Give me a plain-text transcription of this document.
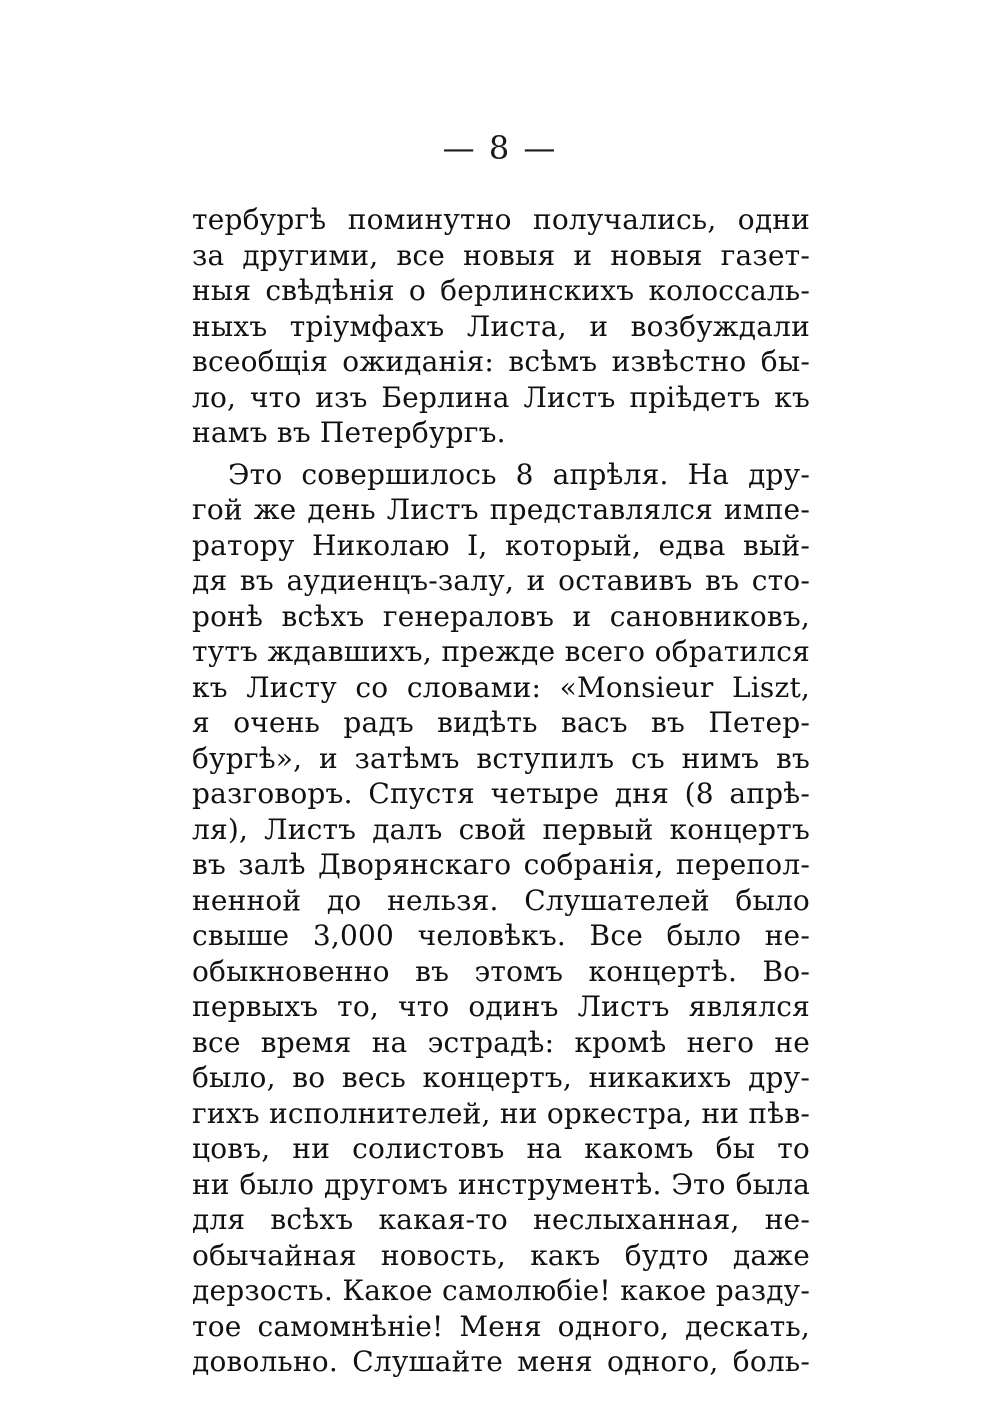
— 8 —
тербургѣ поминутно получались, одни
за другими, все новыя и новыя газет-
ныя свѣдѣнія о берлинскихъ колоссаль-
ныхъ тріумфахъ Листа, и возбуждали
всеобщія ожиданія: всѣмъ извѣстно бы-
ло, что изъ Берлина Листъ пріѣдетъ къ
намъ въ Петербургъ.
Это совершилось 8 апрѣля. На дру-
гой же день Листъ представлялся импе-
ратору Николаю I, который, едва вый-
дя въ аудиенцъ-залу, и оставивъ въ сто-
ронѣ всѣхъ генераловъ и сановниковъ,
тутъ ждавшихъ, прежде всего обратился
къ Листу со словами: «Monsieur Liszt,
я очень радъ видѣть васъ въ Петер-
бургѣ», и затѣмъ вступилъ съ нимъ въ
разговоръ. Спустя четыре дня (8 апрѣ-
ля), Листъ далъ свой первый концертъ
въ залѣ Дворянскаго собранія, перепол-
ненной до нельзя. Слушателей было
свыше 3,000 человѣкъ. Все было не-
обыкновенно въ этомъ концертѣ. Во-
первыхъ то, что одинъ Листъ являлся
все время на эстрадѣ: кромѣ него не
было, во весь концертъ, никакихъ дру-
гихъ исполнителей, ни оркестра, ни пѣв-
цовъ, ни солистовъ на какомъ бы то
ни было другомъ инструментѣ. Это была
для всѣхъ какая-то неслыханная, не-
обычайная новость, какъ будто даже
дерзость. Какое самолюбіе! какое разду-
тое самомнѣніе! Меня одного, дескать,
довольно. Слушайте меня одного, боль-
